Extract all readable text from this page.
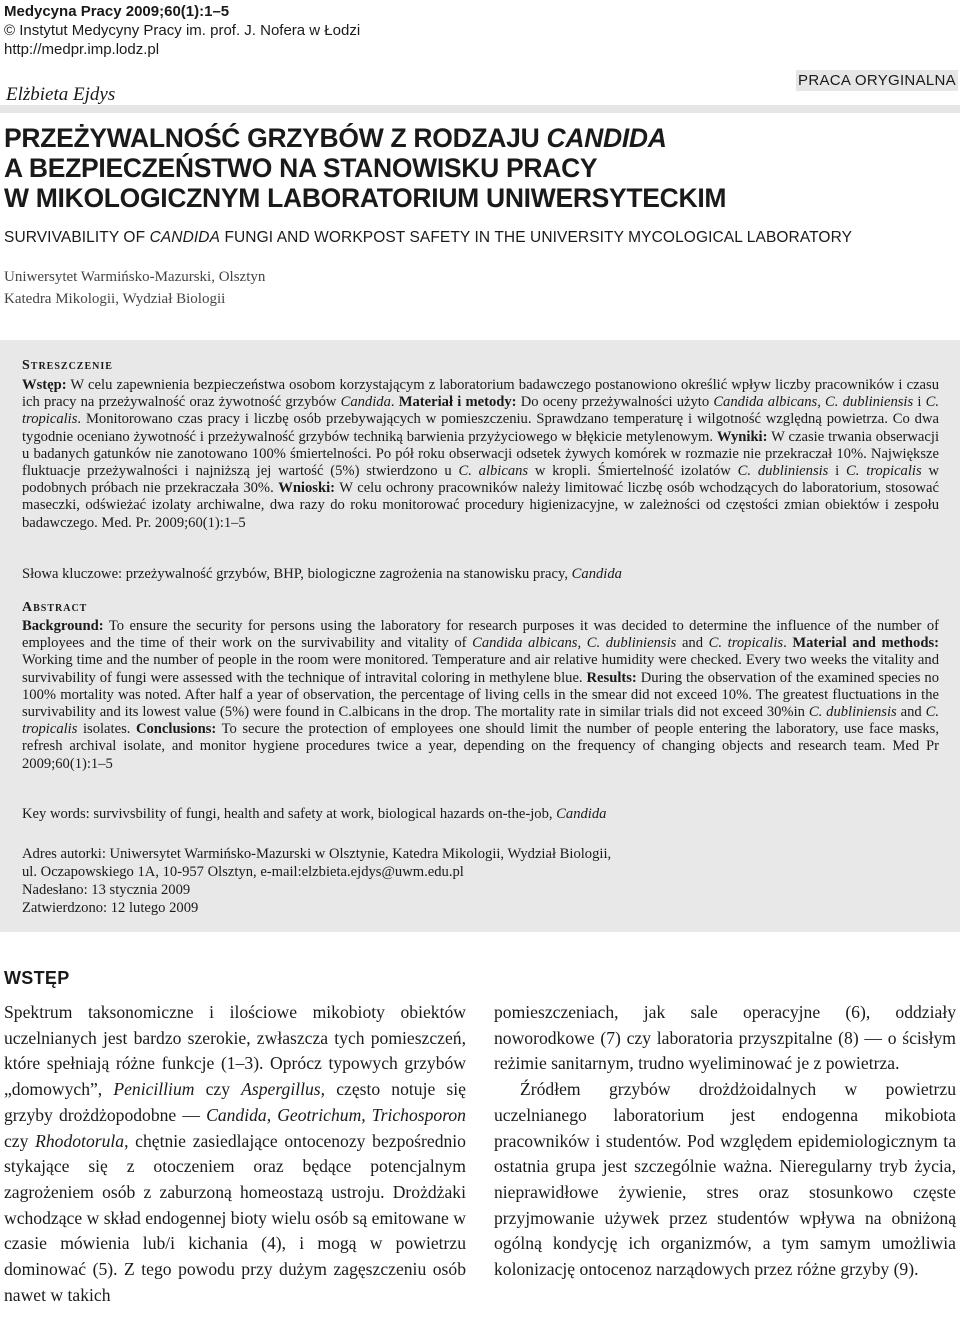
Medycyna Pracy 2009;60(1):1–5
© Instytut Medycyny Pracy im. prof. J. Nofera w Łodzi
http://medpr.imp.lodz.pl
Elżbieta Ejdys
PRACA ORYGINALNA
PRZEŻYWALNOŚĆ GRZYBÓW Z RODZAJU CANDIDA
A BEZPIECZEŃSTWO NA STANOWISKU PRACY
W MIKOLOGICZNYM LABORATORIUM UNIWERSYTECKIM
SURVIVABILITY OF CANDIDA FUNGI AND WORKPOST SAFETY IN THE UNIVERSITY MYCOLOGICAL LABORATORY
Uniwersytet Warmińsko-Mazurski, Olsztyn
Katedra Mikologii, Wydział Biologii
Streszczenie
Wstęp: W celu zapewnienia bezpieczeństwa osobom korzystającym z laboratorium badawczego postanowiono określić wpływ liczby pracowników i czasu ich pracy na przeżywalność oraz żywotność grzybów Candida. Materiał i metody: Do oceny przeżywalności użyto Candida albicans, C. dubliniensis i C. tropicalis. Monitorowano czas pracy i liczbę osób przebywających w pomieszczeniu. Sprawdzano temperaturę i wilgotność względną powietrza. Co dwa tygodnie oceniano żywotność i przeżywalność grzybów techniką barwienia przyżyciowego w błękicie metylenowym. Wyniki: W czasie trwania obserwacji u badanych gatunków nie zanotowano 100% śmiertelności. Po pół roku obserwacji odsetek żywych komórek w rozmazie nie przekraczał 10%. Największe fluktuacje przeżywalności i najniższą jej wartość (5%) stwierdzono u C. albicans w kropli. Śmiertelność izolatów C. dubliniensis i C. tropicalis w podobnych próbach nie przekraczała 30%. Wnioski: W celu ochrony pracowników należy limitować liczbę osób wchodzących do laboratorium, stosować maseczki, odświeżać izolaty archiwalne, dwa razy do roku monitorować procedury higienizacyjne, w zależności od częstości zmian obiektów i zespołu badawczego. Med. Pr. 2009;60(1):1–5
Słowa kluczowe: przeżywalność grzybów, BHP, biologiczne zagrożenia na stanowisku pracy, Candida
Abstract
Background: To ensure the security for persons using the laboratory for research purposes it was decided to determine the influence of the number of employees and the time of their work on the survivability and vitality of Candida albicans, C. dubliniensis and C. tropicalis. Material and methods: Working time and the number of people in the room were monitored. Temperature and air relative humidity were checked. Every two weeks the vitality and survivability of fungi were assessed with the technique of intravital coloring in methylene blue. Results: During the observation of the examined species no 100% mortality was noted. After half a year of observation, the percentage of living cells in the smear did not exceed 10%. The greatest fluctuations in the survivability and its lowest value (5%) were found in C.albicans in the drop. The mortality rate in similar trials did not exceed 30%in C. dubliniensis and C. tropicalis isolates. Conclusions: To secure the protection of employees one should limit the number of people entering the laboratory, use face masks, refresh archival isolate, and monitor hygiene procedures twice a year, depending on the frequency of changing objects and research team. Med Pr 2009;60(1):1–5
Key words: survivsbility of fungi, health and safety at work, biological hazards on-the-job, Candida
Adres autorki: Uniwersytet Warmińsko-Mazurski w Olsztynie, Katedra Mikologii, Wydział Biologii,
ul. Oczapowskiego 1A, 10-957 Olsztyn, e-mail:elzbieta.ejdys@uwm.edu.pl
Nadesłano: 13 stycznia 2009
Zatwierdzono: 12 lutego 2009
WSTĘP

Spektrum taksonomiczne i ilościowe mikobioty obiektów uczelnianych jest bardzo szerokie, zwłaszcza tych pomieszczeń, które spełniają różne funkcje (1–3). Oprócz typowych grzybów „domowych”, Penicillium czy Aspergillus, często notuje się grzyby drożdżopodobne — Candida, Geotrichum, Trichosporon czy Rhodotorula, chętnie zasiedlające ontocenozy bezpośrednio stykające się z otoczeniem oraz będące potencjalnym zagrożeniem osób z zaburzoną homeostazą ustroju. Drożdżaki wchodzące w skład endogennej bioty wielu osób są emitowane w czasie mówienia lub/i kichania (4), i mogą w powietrzu dominować (5). Z tego powodu przy dużym zagęszczeniu osób nawet w takich

pomieszczeniach, jak sale operacyjne (6), oddziały noworodkowe (7) czy laboratoria przyszpitalne (8) — o ścisłym reżimie sanitarnym, trudno wyeliminować je z powietrza.

Źródłem grzybów drożdżoidalnych w powietrzu uczelnianego laboratorium jest endogenna mikobiota pracowników i studentów. Pod względem epidemiologicznym ta ostatnia grupa jest szczególnie ważna. Nieregularny tryb życia, nieprawidłowe żywienie, stres oraz stosunkowo częste przyjmowanie używek przez studentów wpływa na obniżoną ogólną kondycję ich organizmów, a tym samym umożliwia kolonizację ontocenoz narządowych przez różne grzyby (9).
